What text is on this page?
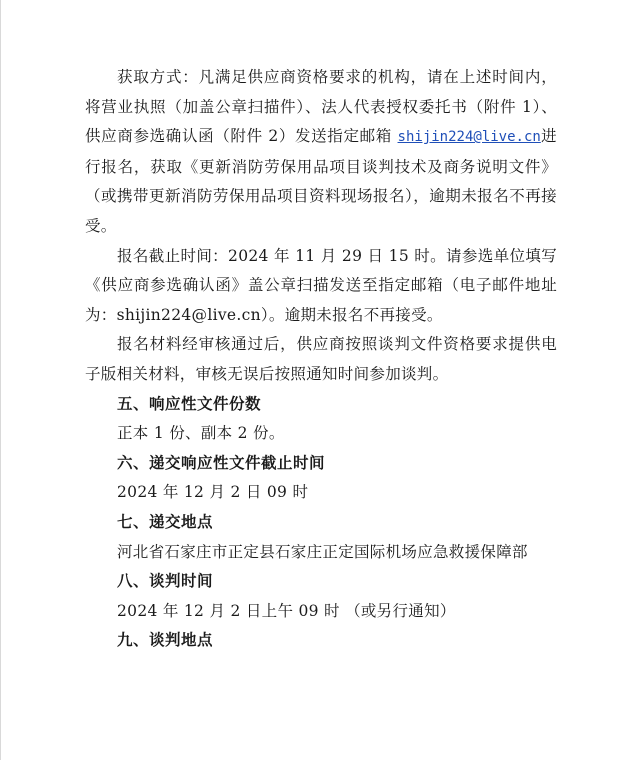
获取方式：凡满足供应商资格要求的机构，请在上述时间内，将营业执照（加盖公章扫描件）、法人代表授权委托书（附件 1）、供应商参选确认函（附件 2）发送指定邮箱 shijin224@live.cn进行报名，获取《更新消防劳保用品项目谈判技术及商务说明文件》（或携带更新消防劳保用品项目资料现场报名），逾期未报名不再接受。

报名截止时间：2024 年 11 月 29 日 15 时。请参选单位填写《供应商参选确认函》盖公章扫描发送至指定邮箱（电子邮件地址为：shijin224@live.cn）。逾期未报名不再接受。

报名材料经审核通过后，供应商按照谈判文件资格要求提供电子版相关材料，审核无误后按照通知时间参加谈判。

五、响应性文件份数

正本 1 份、副本 2 份。

六、递交响应性文件截止时间

2024 年 12 月 2 日 09 时

七、递交地点

河北省石家庄市正定县石家庄正定国际机场应急救援保障部

八、谈判时间

2024 年 12 月 2 日上午 09 时 （或另行通知）

九、谈判地点
